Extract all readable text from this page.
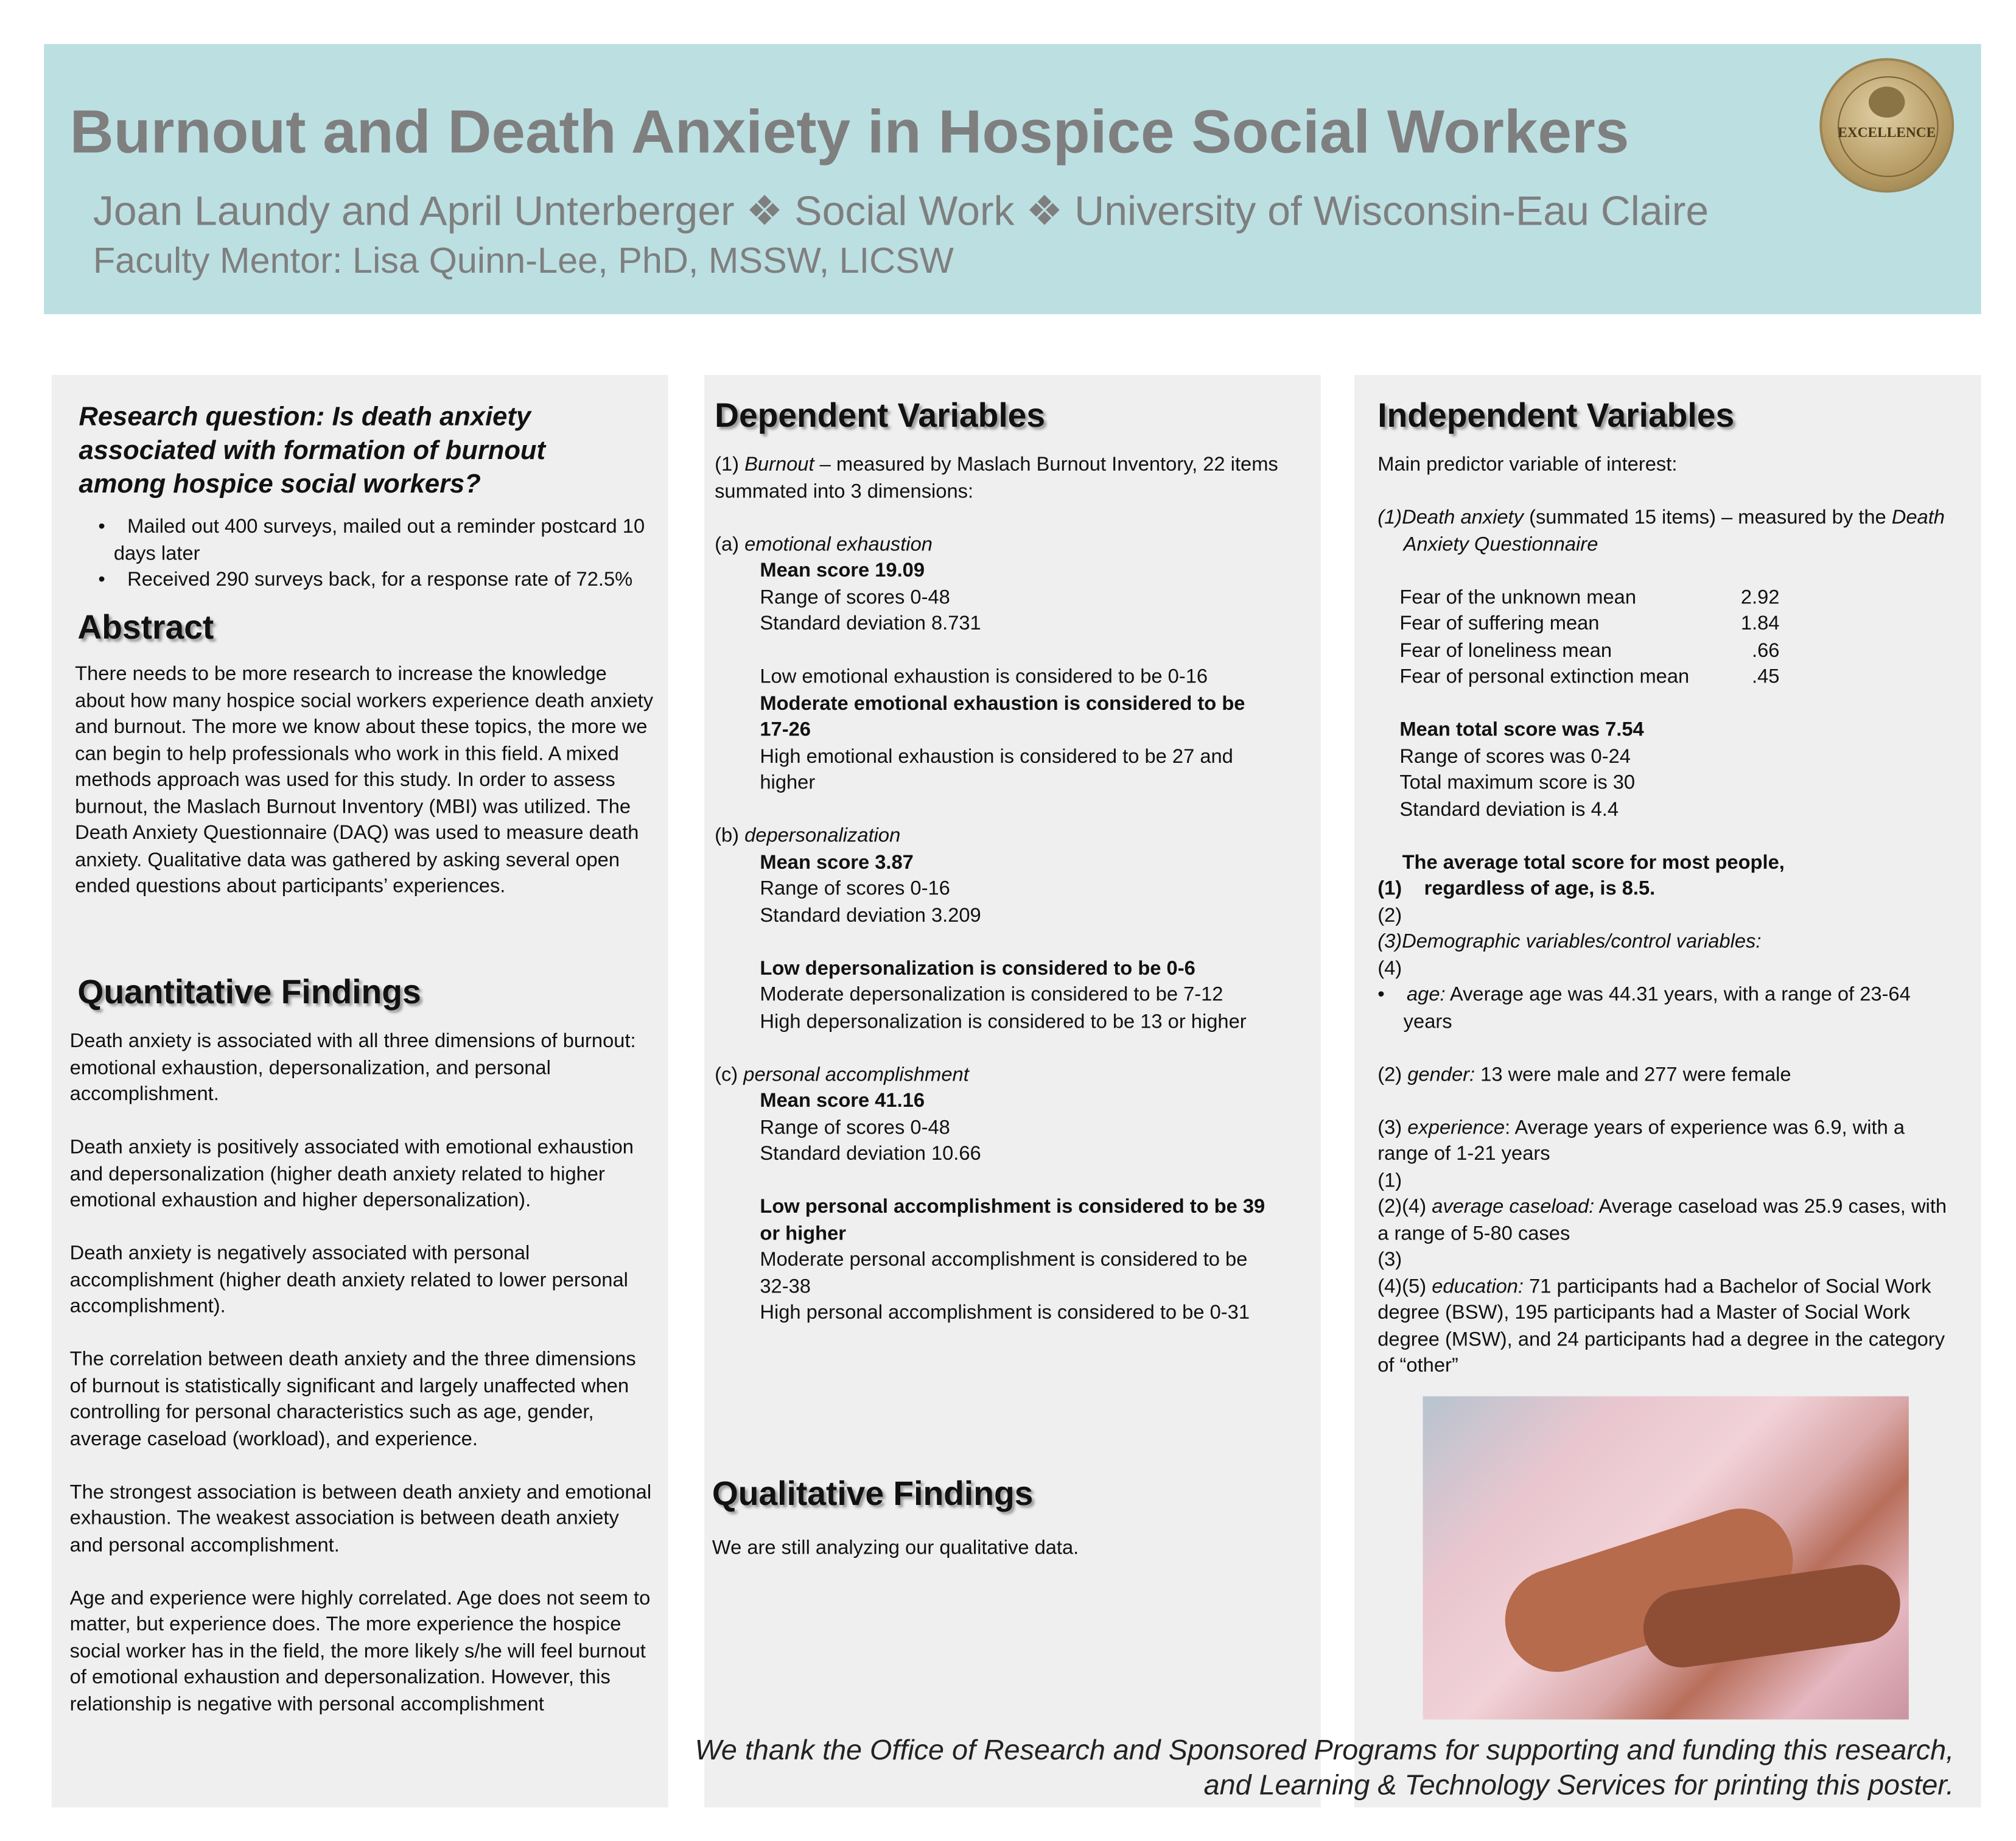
Burnout and Death Anxiety in Hospice Social Workers
Joan Laundy and April Unterberger ❖ Social Work ❖ University of Wisconsin-Eau Claire
Faculty Mentor: Lisa Quinn-Lee, PhD, MSSW, LICSW
EXCELLENCE
Research question: Is death anxiety associated with formation of burnout among hospice social workers?
•    Mailed out 400 surveys, mailed out a reminder postcard 10 days later
•    Received 290 surveys back, for a response rate of 72.5%
Abstract
There needs to be more research to increase the knowledge about how many hospice social workers experience death anxiety and burnout. The more we know about these topics, the more we can begin to help professionals who work in this field. A mixed methods approach was used for this study. In order to assess burnout, the Maslach Burnout Inventory (MBI) was utilized. The Death Anxiety Questionnaire (DAQ) was used to measure death anxiety. Qualitative data was gathered by asking several open ended questions about participants’ experiences.
Quantitative Findings

Death anxiety is associated with all three dimensions of burnout: emotional exhaustion, depersonalization, and personal accomplishment.

Death anxiety is positively associated with emotional exhaustion and depersonalization (higher death anxiety related to higher emotional exhaustion and higher depersonalization).

Death anxiety is negatively associated with personal accomplishment (higher death anxiety related to lower personal accomplishment).

The correlation between death anxiety and the three dimensions of burnout is statistically significant and largely unaffected when controlling for personal characteristics such as age, gender, average caseload (workload), and experience.

The strongest association is between death anxiety and emotional exhaustion. The weakest association is between death anxiety and personal accomplishment.

Age and experience were highly correlated. Age does not seem to matter, but experience does. The more experience the hospice social worker has in the field, the more likely s/he will feel burnout of emotional exhaustion and depersonalization. However, this relationship is negative with personal accomplishment

Dependent Variables
(1) Burnout – measured by Maslach Burnout Inventory, 22 items summated into 3 dimensions:
(a) emotional exhaustion
Mean score 19.09
Range of scores 0-48
Standard deviation 8.731
Low emotional exhaustion is considered to be 0-16
Moderate emotional exhaustion is considered to be 17-26
High emotional exhaustion is considered to be 27 and higher
(b) depersonalization
Mean score 3.87
Range of scores 0-16
Standard deviation 3.209
Low depersonalization is considered to be 0-6
Moderate depersonalization is considered to be 7-12
High depersonalization is considered to be 13 or higher
(c) personal accomplishment
Mean score 41.16
Range of scores 0-48
Standard deviation 10.66
Low personal accomplishment is considered to be 39 or higher
Moderate personal accomplishment is considered to be 32-38
High personal accomplishment is considered to be 0-31
Qualitative Findings
We are still analyzing our qualitative data.
Independent Variables
Main predictor variable of interest:
(1)Death anxiety (summated 15 items) – measured by the Death Anxiety Questionnaire
Fear of the unknown mean	2.92
Fear of suffering mean	1.84
Fear of loneliness mean	.66
Fear of personal extinction mean	.45
Mean total score was 7.54
Range of scores was 0-24
Total maximum score is 30
Standard deviation is 4.4
The average total score for most people,
(1) regardless of age, is 8.5.
(2)
(3)Demographic variables/control variables:
(4)
•    age: Average age was 44.31 years, with a range of 23-64 years
(2) gender: 13 were male and 277 were female
(3) experience: Average years of experience was 6.9, with a range of 1-21 years
(1)
(2)(4) average caseload: Average caseload was 25.9 cases, with a range of 5-80 cases
(3)
(4)(5) education: 71 participants had a Bachelor of Social Work degree (BSW), 195 participants had a Master of Social Work degree (MSW), and 24 participants had a degree in the category of “other”
We thank the Office of Research and Sponsored Programs for supporting and funding this research, and Learning & Technology Services for printing this poster.
